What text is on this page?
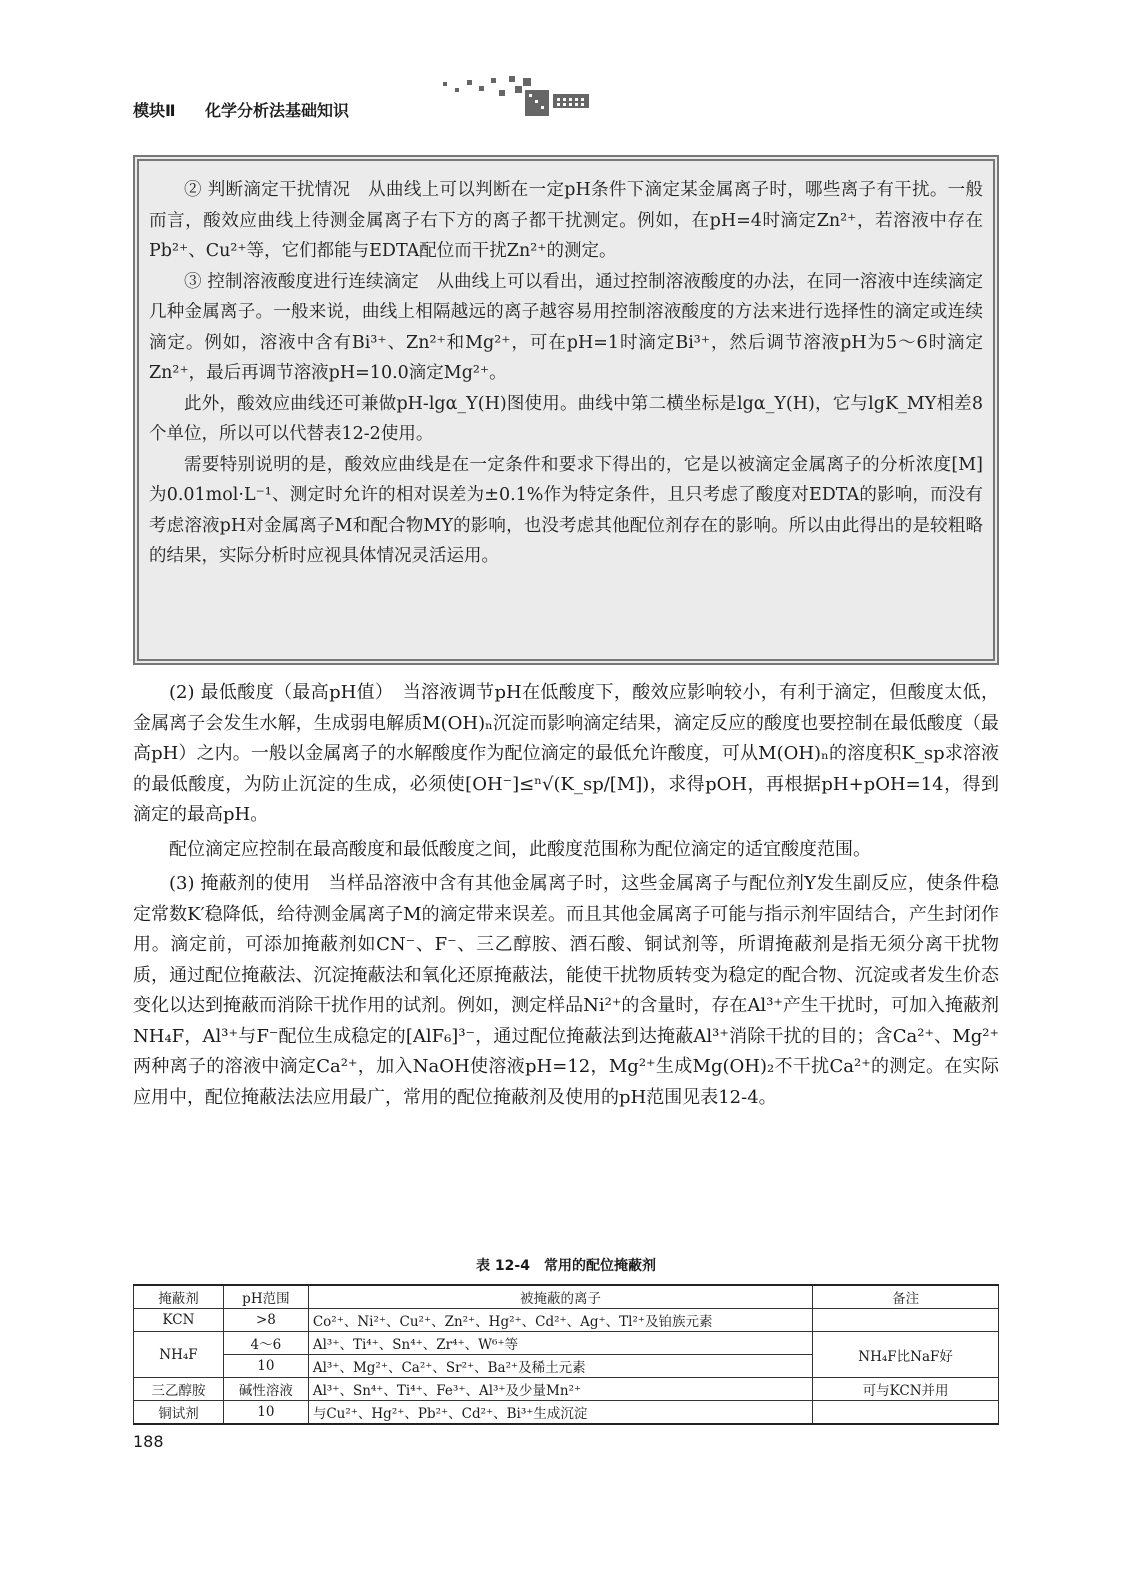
模块Ⅱ 化学分析法基础知识

② 判断滴定干扰情况　从曲线上可以判断在一定pH条件下滴定某金属离子时，哪些离子有干扰。一般而言，酸效应曲线上待测金属离子右下方的离子都干扰测定。例如，在pH=4时滴定Zn²⁺，若溶液中存在Pb²⁺、Cu²⁺等，它们都能与EDTA配位而干扰Zn²⁺的测定。

③ 控制溶液酸度进行连续滴定　从曲线上可以看出，通过控制溶液酸度的办法，在同一溶液中连续滴定几种金属离子。一般来说，曲线上相隔越远的离子越容易用控制溶液酸度的方法来进行选择性的滴定或连续滴定。例如，溶液中含有Bi³⁺、Zn²⁺和Mg²⁺，可在pH=1时滴定Bi³⁺，然后调节溶液pH为5～6时滴定Zn²⁺，最后再调节溶液pH=10.0滴定Mg²⁺。

此外，酸效应曲线还可兼做pH-lgα_Y(H)图使用。曲线中第二横坐标是lgα_Y(H)，它与lgK_MY相差8个单位，所以可以代替表12-2使用。

需要特别说明的是，酸效应曲线是在一定条件和要求下得出的，它是以被滴定金属离子的分析浓度[M]为0.01mol·L⁻¹、测定时允许的相对误差为±0.1%作为特定条件，且只考虑了酸度对EDTA的影响，而没有考虑溶液pH对金属离子M和配合物MY的影响，也没考虑其他配位剂存在的影响。所以由此得出的是较粗略的结果，实际分析时应视具体情况灵活运用。

(2) 最低酸度（最高pH值）　当溶液调节pH在低酸度下，酸效应影响较小，有利于滴定，但酸度太低，金属离子会发生水解，生成弱电解质M(OH)ₙ沉淀而影响滴定结果，滴定反应的酸度也要控制在最低酸度（最高pH）之内。一般以金属离子的水解酸度作为配位滴定的最低允许酸度，可从M(OH)ₙ的溶度积K_sp求溶液的最低酸度，为防止沉淀的生成，必须使[OH⁻]≤ⁿ√(K_sp/[M])，求得pOH，再根据pH+pOH=14，得到滴定的最高pH。

配位滴定应控制在最高酸度和最低酸度之间，此酸度范围称为配位滴定的适宜酸度范围。

(3) 掩蔽剂的使用　当样品溶液中含有其他金属离子时，这些金属离子与配位剂Y发生副反应，使条件稳定常数K′稳降低，给待测金属离子M的滴定带来误差。而且其他金属离子可能与指示剂牢固结合，产生封闭作用。滴定前，可添加掩蔽剂如CN⁻、F⁻、三乙醇胺、酒石酸、铜试剂等，所谓掩蔽剂是指无须分离干扰物质，通过配位掩蔽法、沉淀掩蔽法和氧化还原掩蔽法，能使干扰物质转变为稳定的配合物、沉淀或者发生价态变化以达到掩蔽而消除干扰作用的试剂。例如，测定样品Ni²⁺的含量时，存在Al³⁺产生干扰时，可加入掩蔽剂NH₄F，Al³⁺与F⁻配位生成稳定的[AlF₆]³⁻，通过配位掩蔽法到达掩蔽Al³⁺消除干扰的目的；含Ca²⁺、Mg²⁺两种离子的溶液中滴定Ca²⁺，加入NaOH使溶液pH=12，Mg²⁺生成Mg(OH)₂不干扰Ca²⁺的测定。在实际应用中，配位掩蔽法法应用最广，常用的配位掩蔽剂及使用的pH范围见表12-4。

表 12-4　常用的配位掩蔽剂
掩蔽剂	pH范围	被掩蔽的离子	备注
KCN	>8	Co²⁺、Ni²⁺、Cu²⁺、Zn²⁺、Hg²⁺、Cd²⁺、Ag⁺、Tl²⁺及铂族元素	
NH₄F	4～6	Al³⁺、Ti⁴⁺、Sn⁴⁺、Zr⁴⁺、W⁶⁺等	NH₄F比NaF好
	10	Al³⁺、Mg²⁺、Ca²⁺、Sr²⁺、Ba²⁺及稀土元素	
三乙醇胺	碱性溶液	Al³⁺、Sn⁴⁺、Ti⁴⁺、Fe³⁺、Al³⁺及少量Mn²⁺	可与KCN并用
铜试剂	10	与Cu²⁺、Hg²⁺、Pb²⁺、Cd²⁺、Bi³⁺生成沉淀	
188
